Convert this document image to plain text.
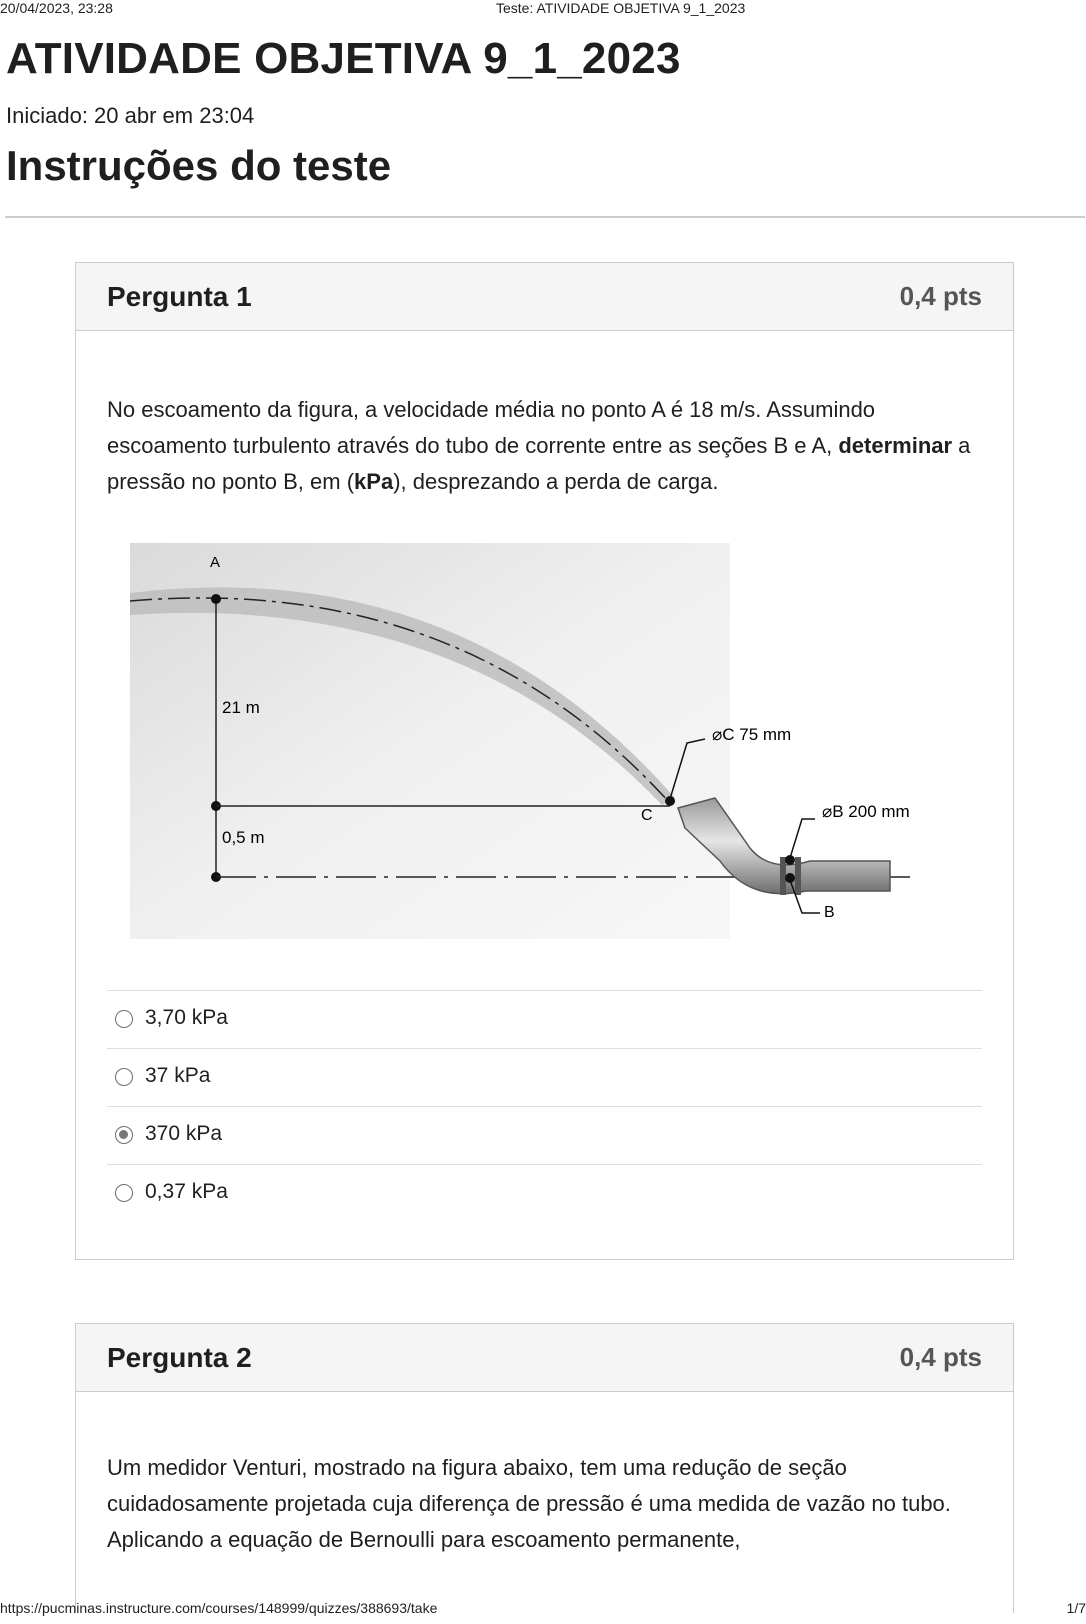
20/04/2023, 23:28	Teste: ATIVIDADE OBJETIVA 9_1_2023
ATIVIDADE OBJETIVA 9_1_2023
Iniciado: 20 abr em 23:04
Instruções do teste
Pergunta 1	0,4 pts
No escoamento da figura, a velocidade média no ponto A é 18 m/s. Assumindo escoamento turbulento através do tubo de corrente entre as seções B e A, determinar a pressão no ponto B, em (kPa), desprezando a perda de carga.
A
21 m
0,5 m
C
⌀C 75 mm
⌀B 200 mm
B
3,70 kPa
37 kPa
370 kPa
0,37 kPa
Pergunta 2	0,4 pts
Um medidor Venturi, mostrado na figura abaixo, tem uma redução de seção cuidadosamente projetada cuja diferença de pressão é uma medida de vazão no tubo. Aplicando a equação de Bernoulli para escoamento permanente,
https://pucminas.instructure.com/courses/148999/quizzes/388693/take	1/7
